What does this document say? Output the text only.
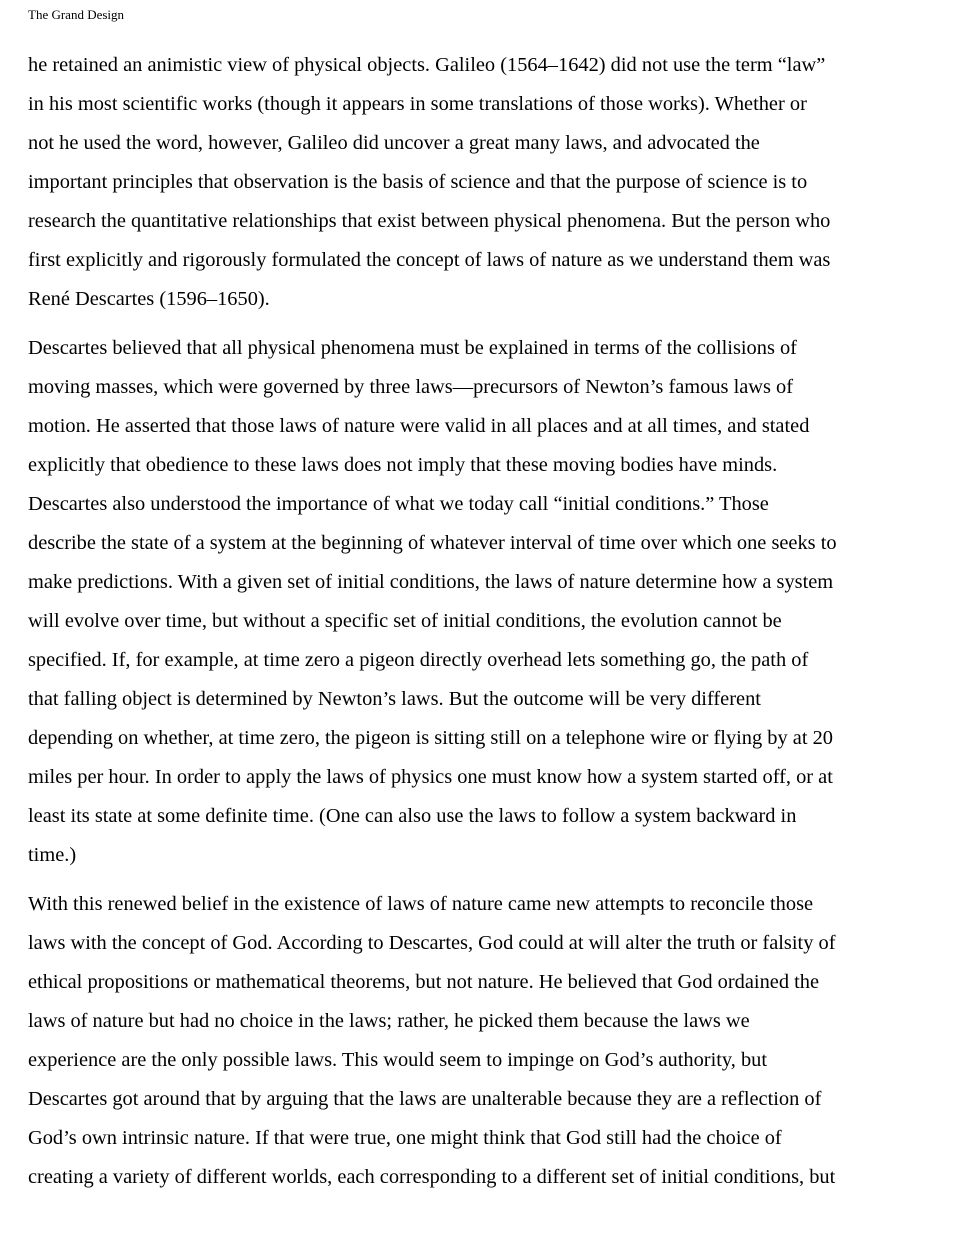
The Grand Design

he retained an animistic view of physical objects. Galileo (1564–1642) did not use the term “law”
in his most scientific works (though it appears in some translations of those works). Whether or
not he used the word, however, Galileo did uncover a great many laws, and advocated the
important principles that observation is the basis of science and that the purpose of science is to
research the quantitative relationships that exist between physical phenomena. But the person who
first explicitly and rigorously formulated the concept of laws of nature as we understand them was
René Descartes (1596–1650).

Descartes believed that all physical phenomena must be explained in terms of the collisions of
moving masses, which were governed by three laws—precursors of Newton’s famous laws of
motion. He asserted that those laws of nature were valid in all places and at all times, and stated
explicitly that obedience to these laws does not imply that these moving bodies have minds.
Descartes also understood the importance of what we today call “initial conditions.” Those
describe the state of a system at the beginning of whatever interval of time over which one seeks to
make predictions. With a given set of initial conditions, the laws of nature determine how a system
will evolve over time, but without a specific set of initial conditions, the evolution cannot be
specified. If, for example, at time zero a pigeon directly overhead lets something go, the path of
that falling object is determined by Newton’s laws. But the outcome will be very different
depending on whether, at time zero, the pigeon is sitting still on a telephone wire or flying by at 20
miles per hour. In order to apply the laws of physics one must know how a system started off, or at
least its state at some definite time. (One can also use the laws to follow a system backward in
time.)

With this renewed belief in the existence of laws of nature came new attempts to reconcile those
laws with the concept of God. According to Descartes, God could at will alter the truth or falsity of
ethical propositions or mathematical theorems, but not nature. He believed that God ordained the
laws of nature but had no choice in the laws; rather, he picked them because the laws we
experience are the only possible laws. This would seem to impinge on God’s authority, but
Descartes got around that by arguing that the laws are unalterable because they are a reflection of
God’s own intrinsic nature. If that were true, one might think that God still had the choice of
creating a variety of different worlds, each corresponding to a different set of initial conditions, but
